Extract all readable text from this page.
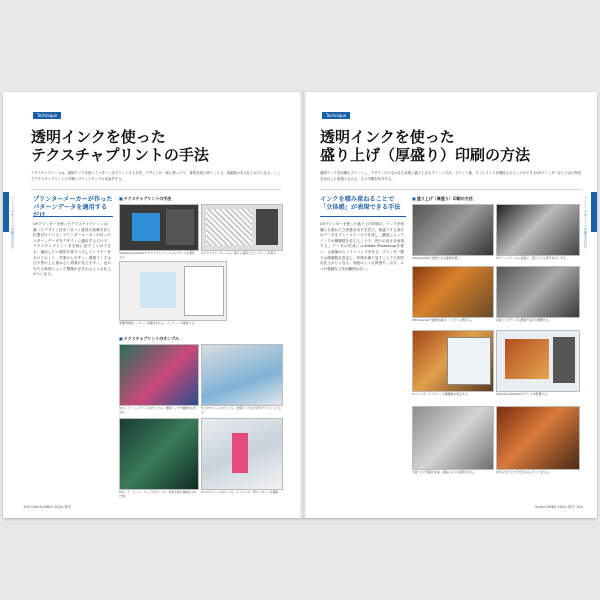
Technique
透明インクを使った
テクスチャプリントの手法
テクスチャプリントは、透明インクを使ってパターンをプリントする手法。デザインの一部に使ったり、背景全面に使うことで、高級感のある仕上がりになる。ここでテクスチャプリントの手順とプリントサンプルを紹介する。
コート・デザインとの組み合わせ	プリンターメーカーが作った
パターンデータを適用する
UVプリンターを使ったテクスチャプリントは、凝ったデザイン性をパターン素材の装飾手法と位置付けている。プリンターメーカーが作ったパターンデータをデザインに適用するだけで、テクスチャプリントを手軽に試すことができる。適用したい箇所を塗りつぶしてレイヤーを分けておくと、作業がしやすい。透明インクは白や黒の上に重ねると効果が見えやすく、光の当たる角度によって模様が浮き出るような仕上がりになる。
■ テクスチャプリントの手法
①Adobe Illustratorでテクスチャプリントのパターンを選択する。
②テクスチャパターンの一覧から適用したいパターンを選ぶ。
③選択範囲にパターンが適用される。プレビューで確認する。
■ テクスチャプリントのサンプル
④カード・ハードケースのサンプル。透明インクで模様が浮き出る。
⑤スマホケースのサンプル。透明インクの光沢がアクセントになる。
⑥カード・ケース・ボードのサンプル。背景全面に模様を入れた例。
⑦スマホケースのサンプル。イラストの一部にパターンを適用。
100 Grand ARKS 2020 春号
Technique
透明インクを使った
盛り上げ（厚盛り）印刷の方法
透明インクを何層もプリントし、デザインそのものを立体的に盛り上げるプリント方法。プリント後、すぐにインクを硬化させることができるUVプリンターならではの特性を活かした表現と言える。その手順を紹介する。
コート・デザインとの組み合わせ
インクを積み重ねることで
「立体感」が表現できる手法
UVプリンターを使った盛り上げ印刷は、インクを何層にも重ねて立体感を出す手法だ。厚盛りする部分のデータをグレースケールで作成し、濃淡によってインクの積層数を変えることで、凹凸の高さを表現する。データの作成にはAdobe Photoshopを使い、元画像からハイトマップを作る。プリンター側では積層数を設定し、印刷を繰り返すことで立体的な仕上がりとなる。油絵のような質感や、点字、ロゴの強調など応用範囲は広い。
■ 盛り上げ（厚盛り）印刷の方法
①Photoshopで素材となる画像を開く。	②グレースケールに変換し、盛り上げる部分を白くする。
③Photoshopで画像を重ね、レイヤーを整える。	④盛り上げデータの濃淡で高さを調整する。
⑤プリンタードライバーで積層数を設定する。	⑥Adobe Illustratorでデータを配置する。
⑦盛り上げ印刷が完成。油絵のような質感が出る。	⑧光の当たり方で凹凸がはっきりと見える。
Grand ARKS 2020 春号 101
